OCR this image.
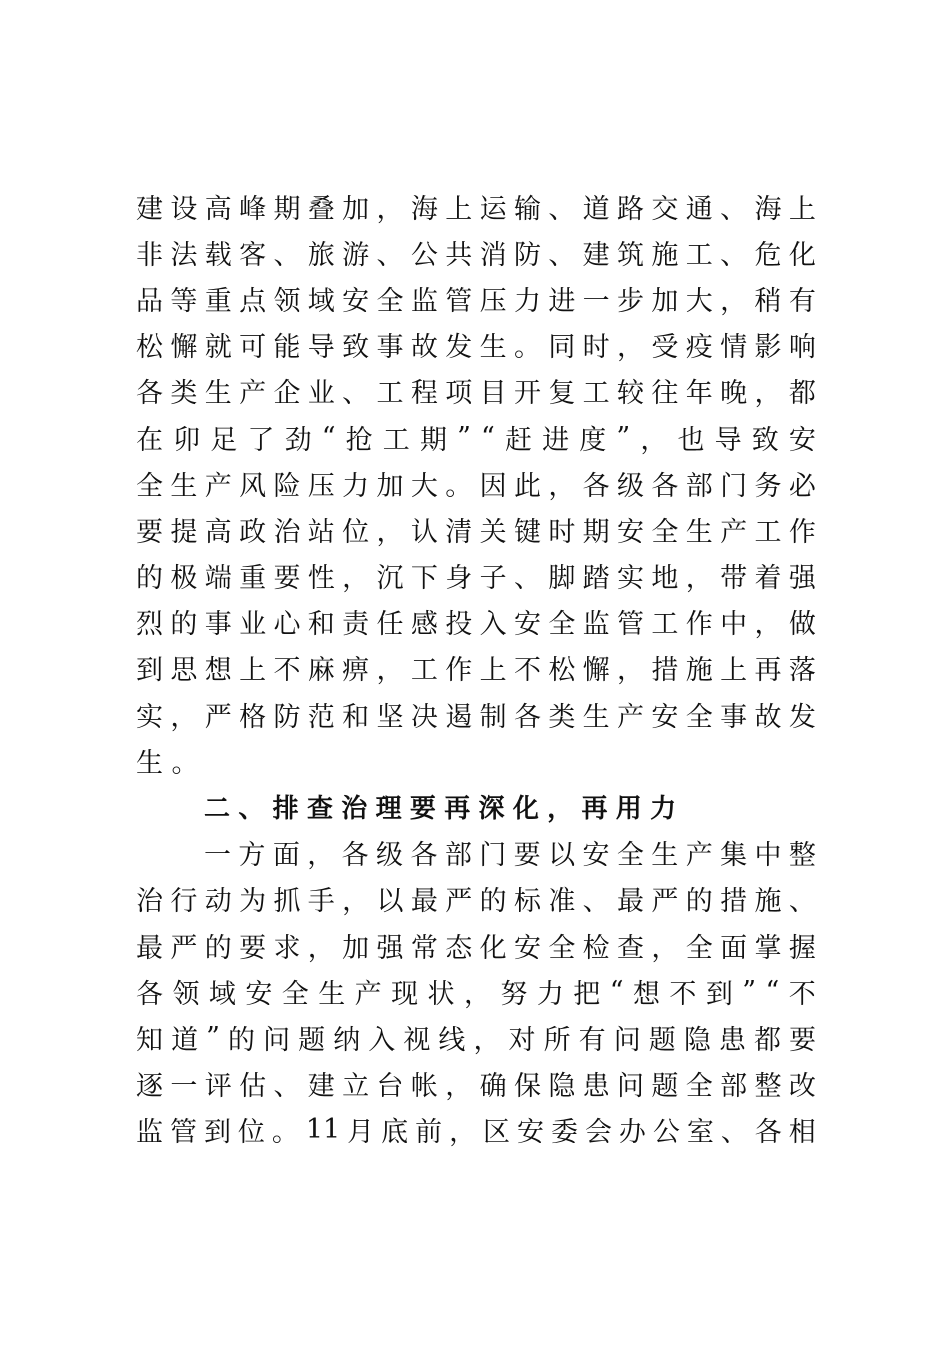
建 设 高 峰 期 叠 加 ， 海 上 运 输 、 道 路 交 通 、 海 上
非 法 载 客 、 旅 游 、 公 共 消 防 、 建 筑 施 工 、 危 化
品 等 重 点 领 域 安 全 监 管 压 力 进 一 步 加 大 ， 稍 有
松 懈 就 可 能 导 致 事 故 发 生 。 同 时 ， 受 疫 情 影 响
各 类 生 产 企 业 、 工 程 项 目 开 复 工 较 往 年 晚 ， 都
在 卯 足 了 劲 “ 抢 工 期 ” “ 赶 进 度 ” ， 也 导 致 安
全 生 产 风 险 压 力 加 大 。 因 此 ， 各 级 各 部 门 务 必
要 提 高 政 治 站 位 ， 认 清 关 键 时 期 安 全 生 产 工 作
的 极 端 重 要 性 ， 沉 下 身 子 、 脚 踏 实 地 ， 带 着 强
烈 的 事 业 心 和 责 任 感 投 入 安 全 监 管 工 作 中 ， 做
到 思 想 上 不 麻 痹 ， 工 作 上 不 松 懈 ， 措 施 上 再 落
实 ， 严 格 防 范 和 坚 决 遏 制 各 类 生 产 安 全 事 故 发
生 。
二 、 排 查 治 理 要 再 深 化 ， 再 用 力
一 方 面 ， 各 级 各 部 门 要 以 安 全 生 产 集 中 整
治 行 动 为 抓 手 ， 以 最 严 的 标 准 、 最 严 的 措 施 、
最 严 的 要 求 ， 加 强 常 态 化 安 全 检 查 ， 全 面 掌 握
各 领 域 安 全 生 产 现 状 ， 努 力 把 “ 想 不 到 ” “ 不
知 道 ” 的 问 题 纳 入 视 线 ， 对 所 有 问 题 隐 患 都 要
逐 一 评 估 、 建 立 台 帐 ， 确 保 隐 患 问 题 全 部 整 改
监 管 到 位 。 11 月 底 前 ， 区 安 委 会 办 公 室 、 各 相
